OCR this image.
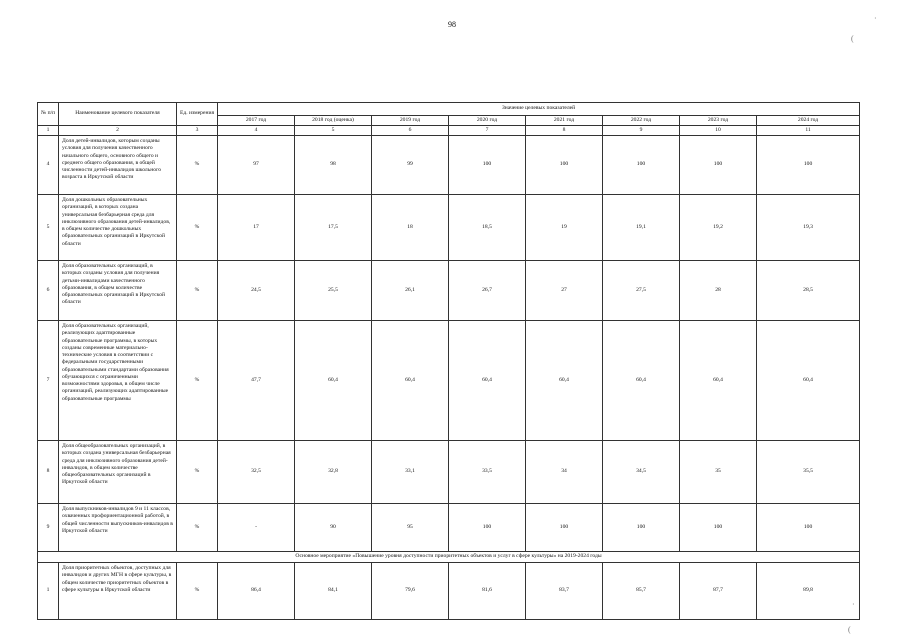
98
·
(
·
(
№ п/п	Наименование целевого показателя	Ед. измерения	Значение целевых показателей							
			2017 год	2018 год (оценка)	2019 год	2020 год	2021 год	2022 год	2023 год	2024 год
1	2	3	4	5	6	7	8	9	10	11
4	Доля детей-инвалидов, которым созданы условия для получения качественного начального общего, основного общего и среднего общего образования, в общей численности детей-инвалидов школьного возраста в Иркутской области	%	97	98	99	100	100	100	100	100
5	Доля дошкольных образовательных организаций, в которых создана универсальная безбарьерная среда для инклюзивного образования детей-инвалидов, в общем количестве дошкольных образовательных организаций в Иркутской области	%	17	17,5	18	18,5	19	19,1	19,2	19,3
6	Доля образовательных организаций, в которых созданы условия для получения детьми-инвалидами качественного образования, в общем количестве образовательных организаций в Иркутской области	%	24,5	25,5	26,1	26,7	27	27,5	28	28,5
7	Доля образовательных организаций, реализующих адаптированные образовательные программы, в которых созданы современные материально-технические условия в соответствии с федеральными государственными образовательными стандартами образования обучающихся с ограниченными возможностями здоровья, в общем числе организаций, реализующих адаптированные образовательные программы	%	47,7	60,4	60,4	60,4	60,4	60,4	60,4	60,4
8	Доля общеобразовательных организаций, в которых создана универсальная безбарьерная среда для инклюзивного образования детей-инвалидов, в общем количестве общеобразовательных организаций в Иркутской области	%	32,5	32,8	33,1	33,5	34	34,5	35	35,5
9	Доля выпускников-инвалидов 9 и 11 классов, охваченных профориентационной работой, в общей численности выпускников-инвалидов в Иркутской области	%	-	90	95	100	100	100	100	100
Основное мероприятие «Повышение уровня доступности приоритетных объектов и услуг в сфере культуры» на 2019-2024 годы										
1	Доля приоритетных объектов, доступных для инвалидов и других МГН в сфере культуры, в общем количестве приоритетных объектов в сфере культуры в Иркутской области	%	86,4	84,1	79,6	81,6	83,7	85,7	87,7	89,8
